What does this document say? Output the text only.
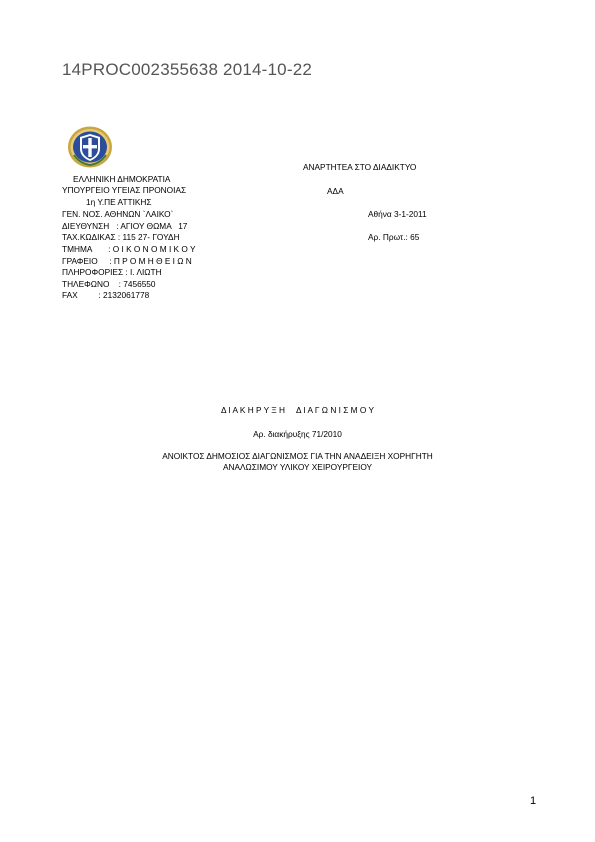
14PROC002355638 2014-10-22
ΑΝΑΡΤΗΤΕΑ ΣΤΟ ΔΙΑΔΙΚΤΥΟ
ΑΔΑ
Αθήνα 3-1-2011
Αρ. Πρωτ.: 65
ΕΛΛΗΝΙΚΗ ΔΗΜΟΚΡΑΤΙΑ
ΥΠΟΥΡΓΕΙΟ ΥΓΕΙΑΣ ΠΡΟΝΟΙΑΣ
1η Υ.ΠΕ ΑΤΤΙΚΗΣ
ΓΕΝ. ΝΟΣ. ΑΘΗΝΩΝ `ΛΑΙΚΟ`
ΔΙΕΥΘΥΝΣΗ   : ΑΓΙΟΥ ΘΩΜΑ   17
ΤΑΧ.ΚΩΔΙΚΑΣ : 115 27- ΓΟΥΔΗ
ΤΜΗΜΑ       : Ο Ι Κ Ο Ν Ο Μ Ι Κ Ο Υ
ΓΡΑΦΕΙΟ     : Π Ρ Ο Μ Η Θ Ε Ι Ω Ν
ΠΛΗΡΟΦΟΡΙΕΣ : Ι. ΛΙΩΤΗ
ΤΗΛΕΦΩΝΟ    : 7456550
FAX         : 2132061778
Δ Ι Α Κ Η Ρ Υ Ξ Η     Δ Ι Α Γ Ω Ν Ι Σ Μ Ο Υ
Αρ. διακήρυξης 71/2010
ΑΝΟΙΚΤΟΣ ΔΗΜΟΣΙΟΣ ΔΙΑΓΩΝΙΣΜΟΣ ΓΙΑ ΤΗΝ ΑΝΑΔΕΙΞΗ ΧΟΡΗΓΗΤΗ
ΑΝΑΛΩΣΙΜΟΥ ΥΛΙΚΟΥ ΧΕΙΡΟΥΡΓΕΙΟΥ
1
